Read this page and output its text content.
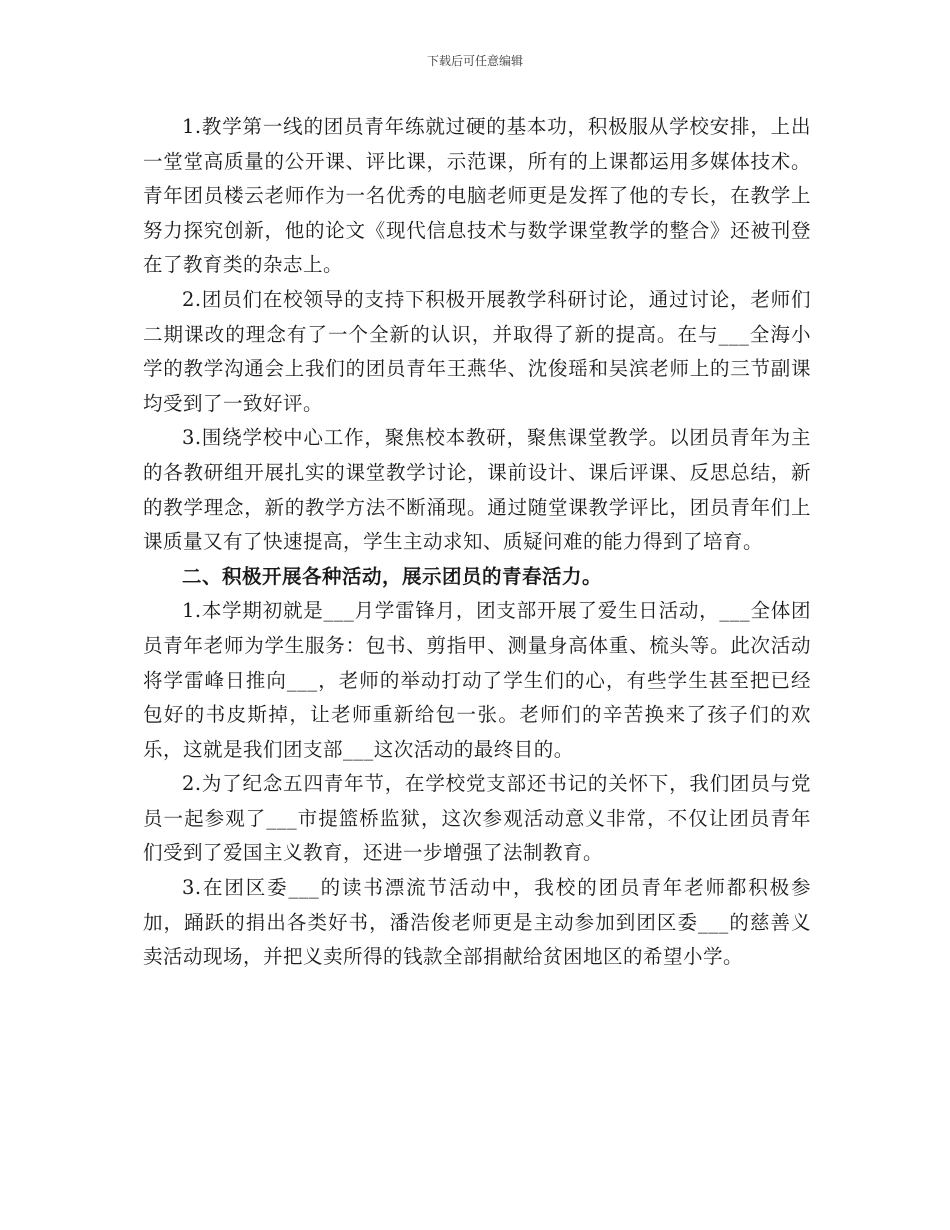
下载后可任意编辑

1.教学第一线的团员青年练就过硬的基本功，积极服从学校安排，上出一堂堂高质量的公开课、评比课，示范课，所有的上课都运用多媒体技术。青年团员楼云老师作为一名优秀的电脑老师更是发挥了他的专长，在教学上努力探究创新，他的论文《现代信息技术与数学课堂教学的整合》还被刊登在了教育类的杂志上。

2.团员们在校领导的支持下积极开展教学科研讨论，通过讨论，老师们二期课改的理念有了一个全新的认识，并取得了新的提高。在与___全海小学的教学沟通会上我们的团员青年王燕华、沈俊瑶和吴滨老师上的三节副课均受到了一致好评。

3.围绕学校中心工作，聚焦校本教研，聚焦课堂教学。以团员青年为主的各教研组开展扎实的课堂教学讨论，课前设计、课后评课、反思总结，新的教学理念，新的教学方法不断涌现。通过随堂课教学评比，团员青年们上课质量又有了快速提高，学生主动求知、质疑问难的能力得到了培育。

二、积极开展各种活动，展示团员的青春活力。

1.本学期初就是___月学雷锋月，团支部开展了爱生日活动，___全体团员青年老师为学生服务：包书、剪指甲、测量身高体重、梳头等。此次活动将学雷峰日推向___，老师的举动打动了学生们的心，有些学生甚至把已经包好的书皮斯掉，让老师重新给包一张。老师们的辛苦换来了孩子们的欢乐，这就是我们团支部___这次活动的最终目的。

2.为了纪念五四青年节，在学校党支部还书记的关怀下，我们团员与党员一起参观了___市提篮桥监狱，这次参观活动意义非常，不仅让团员青年们受到了爱国主义教育，还进一步增强了法制教育。

3.在团区委___的读书漂流节活动中，我校的团员青年老师都积极参加，踊跃的捐出各类好书，潘浩俊老师更是主动参加到团区委___的慈善义卖活动现场，并把义卖所得的钱款全部捐献给贫困地区的希望小学。
